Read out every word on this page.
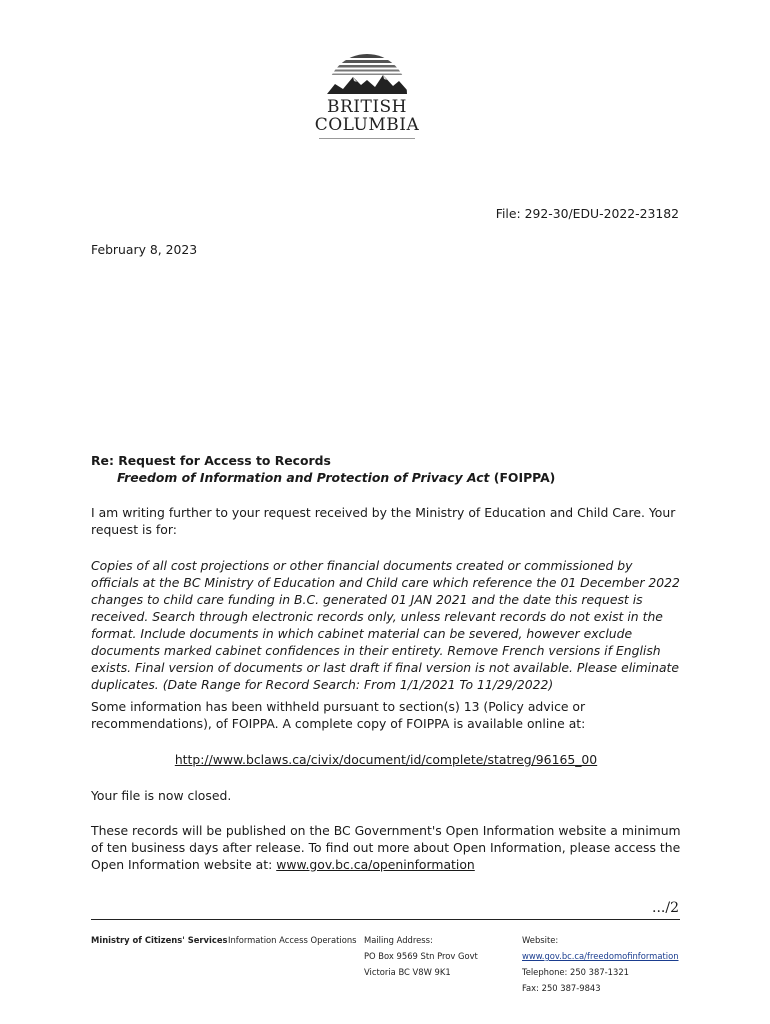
BRITISH
COLUMBIA
File: 292-30/EDU-2022-23182
February 8, 2023
Re: Request for Access to Records
Freedom of Information and Protection of Privacy Act (FOIPPA)
I am writing further to your request received by the Ministry of Education and Child Care. Your request is for:
Copies of all cost projections or other financial documents created or commissioned by officials at the BC Ministry of Education and Child care which reference the 01 December 2022 changes to child care funding in B.C. generated 01 JAN 2021 and the date this request is received. Search through electronic records only, unless relevant records do not exist in the format. Include documents in which cabinet material can be severed, however exclude documents marked cabinet confidences in their entirety. Remove French versions if English exists. Final version of documents or last draft if final version is not available. Please eliminate duplicates. (Date Range for Record Search: From 1/1/2021 To 11/29/2022)
Some information has been withheld pursuant to section(s) 13 (Policy advice or recommendations), of FOIPPA. A complete copy of FOIPPA is available online at:
http://www.bclaws.ca/civix/document/id/complete/statreg/96165_00
Your file is now closed.
These records will be published on the BC Government's Open Information website a minimum of ten business days after release. To find out more about Open Information, please access the Open Information website at: www.gov.bc.ca/openinformation
.../2
Ministry of Citizens' Services Information Access Operations Mailing Address:
PO Box 9569 Stn Prov Govt
Victoria BC V8W 9K1
Website:
www.gov.bc.ca/freedomofinformation
Telephone: 250 387-1321
Fax: 250 387-9843
